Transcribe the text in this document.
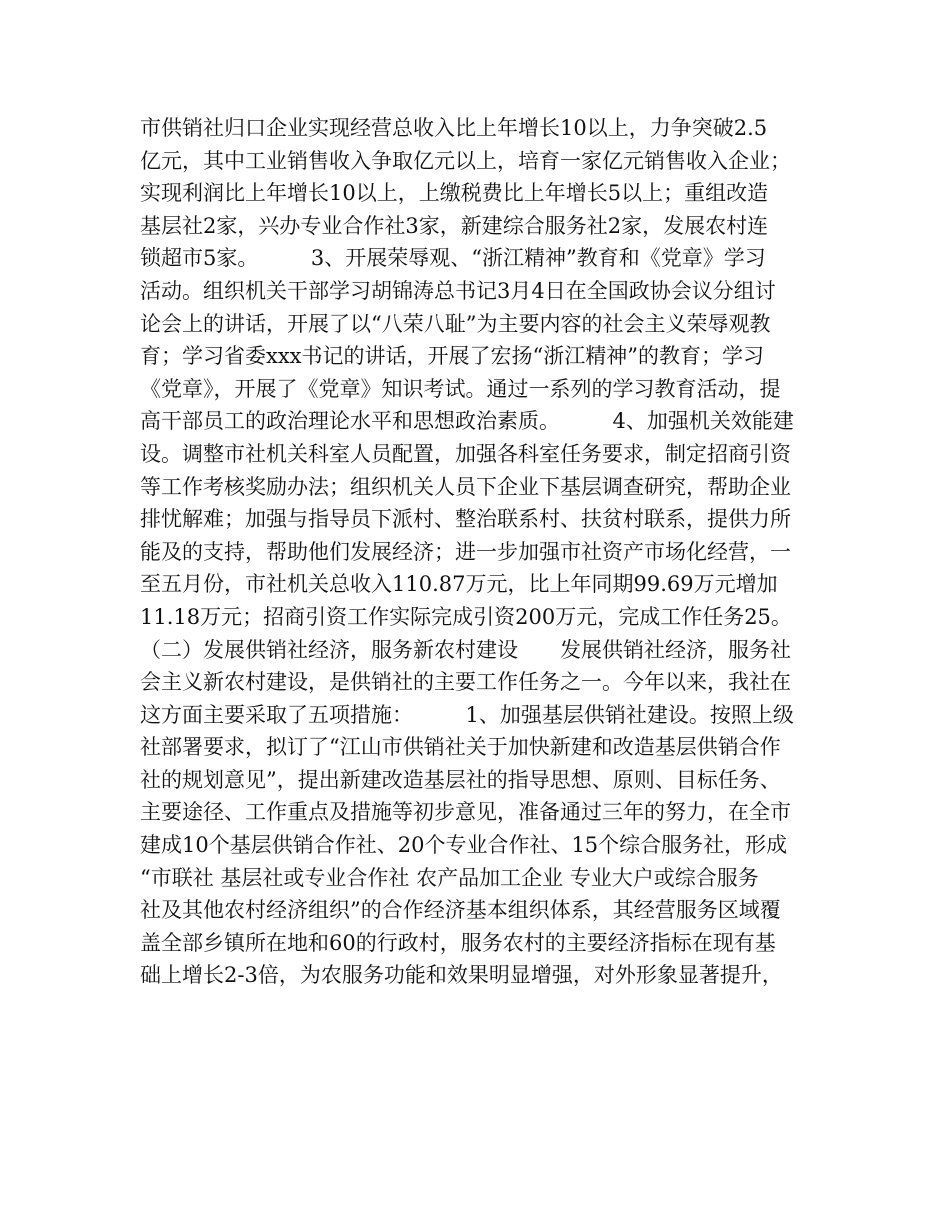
市供销社归口企业实现经营总收入比上年增长10以上，力争突破2.5
亿元，其中工业销售收入争取亿元以上，培育一家亿元销售收入企业；
实现利润比上年增长10以上，上缴税费比上年增长5以上；重组改造
基层社2家，兴办专业合作社3家，新建综合服务社2家，发展农村连
锁超市5家。　　　3、开展荣辱观、“浙江精神”教育和《党章》学习
活动。组织机关干部学习胡锦涛总书记3月4日在全国政协会议分组讨
论会上的讲话，开展了以“八荣八耻”为主要内容的社会主义荣辱观教
育；学习省委xxx书记的讲话，开展了宏扬“浙江精神”的教育；学习
《党章》，开展了《党章》知识考试。通过一系列的学习教育活动，提
高干部员工的政治理论水平和思想政治素质。　　　4、加强机关效能建
设。调整市社机关科室人员配置，加强各科室任务要求，制定招商引资
等工作考核奖励办法；组织机关人员下企业下基层调查研究，帮助企业
排忧解难；加强与指导员下派村、整治联系村、扶贫村联系，提供力所
能及的支持，帮助他们发展经济；进一步加强市社资产市场化经营，一
至五月份，市社机关总收入110.87万元，比上年同期99.69万元增加
11.18万元；招商引资工作实际完成引资200万元，完成工作任务25。
（二）发展供销社经济，服务新农村建设　　发展供销社经济，服务社
会主义新农村建设，是供销社的主要工作任务之一。今年以来，我社在
这方面主要采取了五项措施：　　　1、加强基层供销社建设。按照上级
社部署要求，拟订了“江山市供销社关于加快新建和改造基层供销合作
社的规划意见”，提出新建改造基层社的指导思想、原则、目标任务、
主要途径、工作重点及措施等初步意见，准备通过三年的努力，在全市
建成10个基层供销合作社、20个专业合作社、15个综合服务社，形成
“市联社 基层社或专业合作社 农产品加工企业 专业大户或综合服务
社及其他农村经济组织”的合作经济基本组织体系，其经营服务区域覆
盖全部乡镇所在地和60的行政村，服务农村的主要经济指标在现有基
础上增长2-3倍，为农服务功能和效果明显增强，对外形象显著提升，
